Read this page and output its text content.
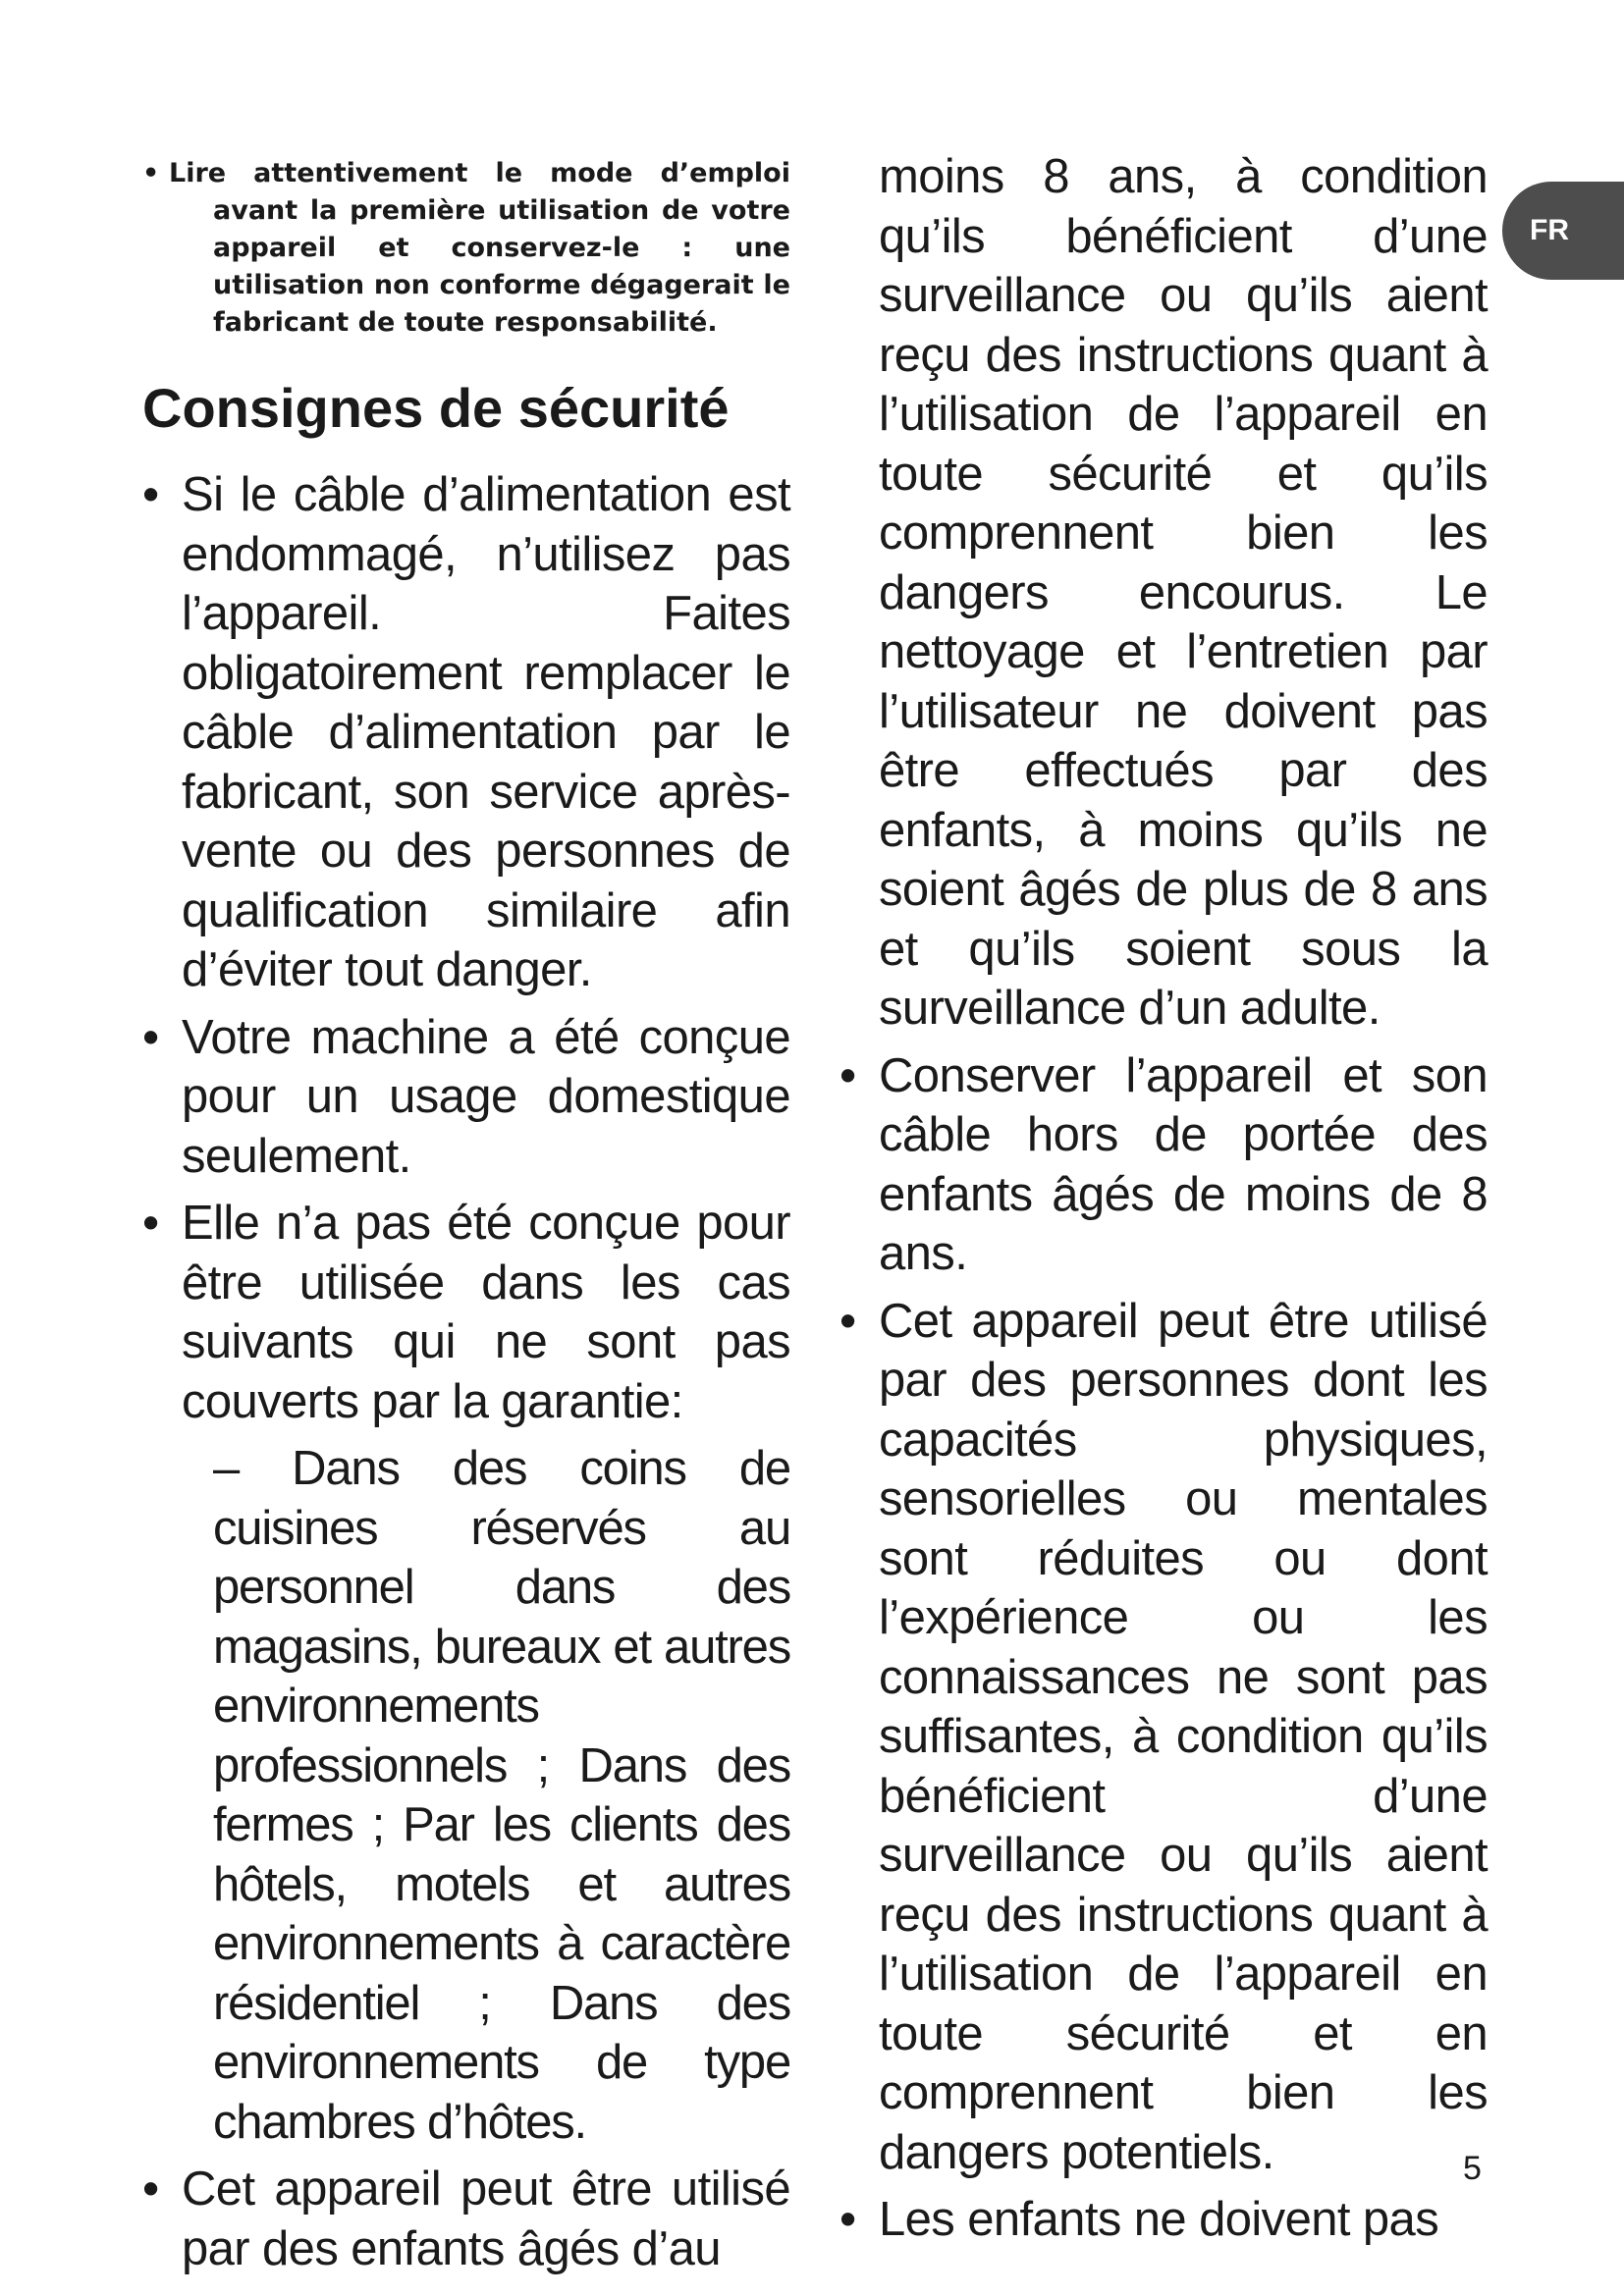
• Lire attentivement le mode d’emploi avant la première utilisation de votre appareil et conservez-le : une utilisation non conforme dégagerait le fabricant de toute responsabilité.

Consignes de sécurité
• Si le câble d’alimentation est endommagé, n’utilisez pas l’appareil. Faites obligatoirement remplacer le câble d’alimentation par le fabricant, son service après-vente ou des personnes de qualification similaire afin d’éviter tout danger.
• Votre machine a été conçue pour un usage domestique seulement.
• Elle n’a pas été conçue pour être utilisée dans les cas suivants qui ne sont pas couverts par la garantie:
– Dans des coins de cuisines réservés au personnel dans des magasins, bureaux et autres environnements professionnels ; Dans des fermes ; Par les clients des hôtels, motels et autres environnements à caractère résidentiel ; Dans des environnements de type chambres d’hôtes.
• Cet appareil peut être utilisé par des enfants âgés d’au
moins 8 ans, à condition qu’ils bénéficient d’une surveillance ou qu’ils aient reçu des instructions quant à l’utilisation de l’appareil en toute sécurité et qu’ils comprennent bien les dangers encourus. Le nettoyage et l’entretien par l’utilisateur ne doivent pas être effectués par des enfants, à moins qu’ils ne soient âgés de plus de 8 ans et qu’ils soient sous la surveillance d’un adulte.
• Conserver l’appareil et son câble hors de portée des enfants âgés de moins de 8 ans.
• Cet appareil peut être utilisé par des personnes dont les capacités physiques, sensorielles ou mentales sont réduites ou dont l’expérience ou les connaissances ne sont pas suffisantes, à condition qu’ils bénéficient d’une surveillance ou qu’ils aient reçu des instructions quant à l’utilisation de l’appareil en toute sécurité et en comprennent bien les dangers potentiels.
• Les enfants ne doivent pas
FR
5
